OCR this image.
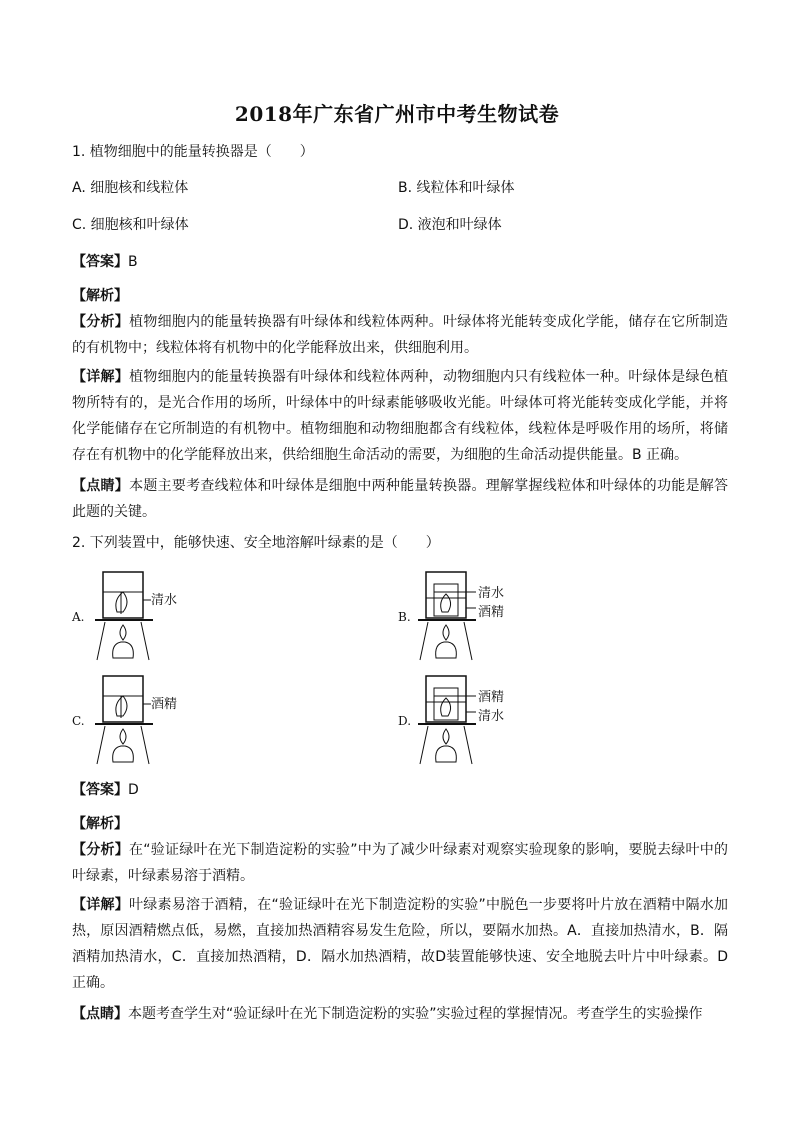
2018年广东省广州市中考生物试卷
1. 植物细胞中的能量转换器是（　　）
A. 细胞核和线粒体	B. 线粒体和叶绿体
C. 细胞核和叶绿体	D. 液泡和叶绿体
【答案】B
【解析】
【分析】植物细胞内的能量转换器有叶绿体和线粒体两种。叶绿体将光能转变成化学能，储存在它所制造的有机物中；线粒体将有机物中的化学能释放出来，供细胞利用。
【详解】植物细胞内的能量转换器有叶绿体和线粒体两种，动物细胞内只有线粒体一种。叶绿体是绿色植物所特有的，是光合作用的场所，叶绿体中的叶绿素能够吸收光能。叶绿体可将光能转变成化学能，并将化学能储存在它所制造的有机物中。植物细胞和动物细胞都含有线粒体，线粒体是呼吸作用的场所，将储存在有机物中的化学能释放出来，供给细胞生命活动的需要，为细胞的生命活动提供能量。B 正确。
【点睛】本题主要考查线粒体和叶绿体是细胞中两种能量转换器。理解掌握线粒体和叶绿体的功能是解答此题的关键。
2. 下列装置中，能够快速、安全地溶解叶绿素的是（　　）
A.
清水
B.
清水
酒精
C.
酒精
D.
酒精
清水
【答案】D
【解析】
【分析】在“验证绿叶在光下制造淀粉的实验”中为了减少叶绿素对观察实验现象的影响，要脱去绿叶中的叶绿素，叶绿素易溶于酒精。
【详解】叶绿素易溶于酒精，在“验证绿叶在光下制造淀粉的实验”中脱色一步要将叶片放在酒精中隔水加热，原因酒精燃点低，易燃，直接加热酒精容易发生危险，所以，要隔水加热。A．直接加热清水，B．隔酒精加热清水，C．直接加热酒精，D．隔水加热酒精，故D装置能够快速、安全地脱去叶片中叶绿素。D正确。
【点睛】本题考查学生对“验证绿叶在光下制造淀粉的实验”实验过程的掌握情况。考查学生的实验操作
